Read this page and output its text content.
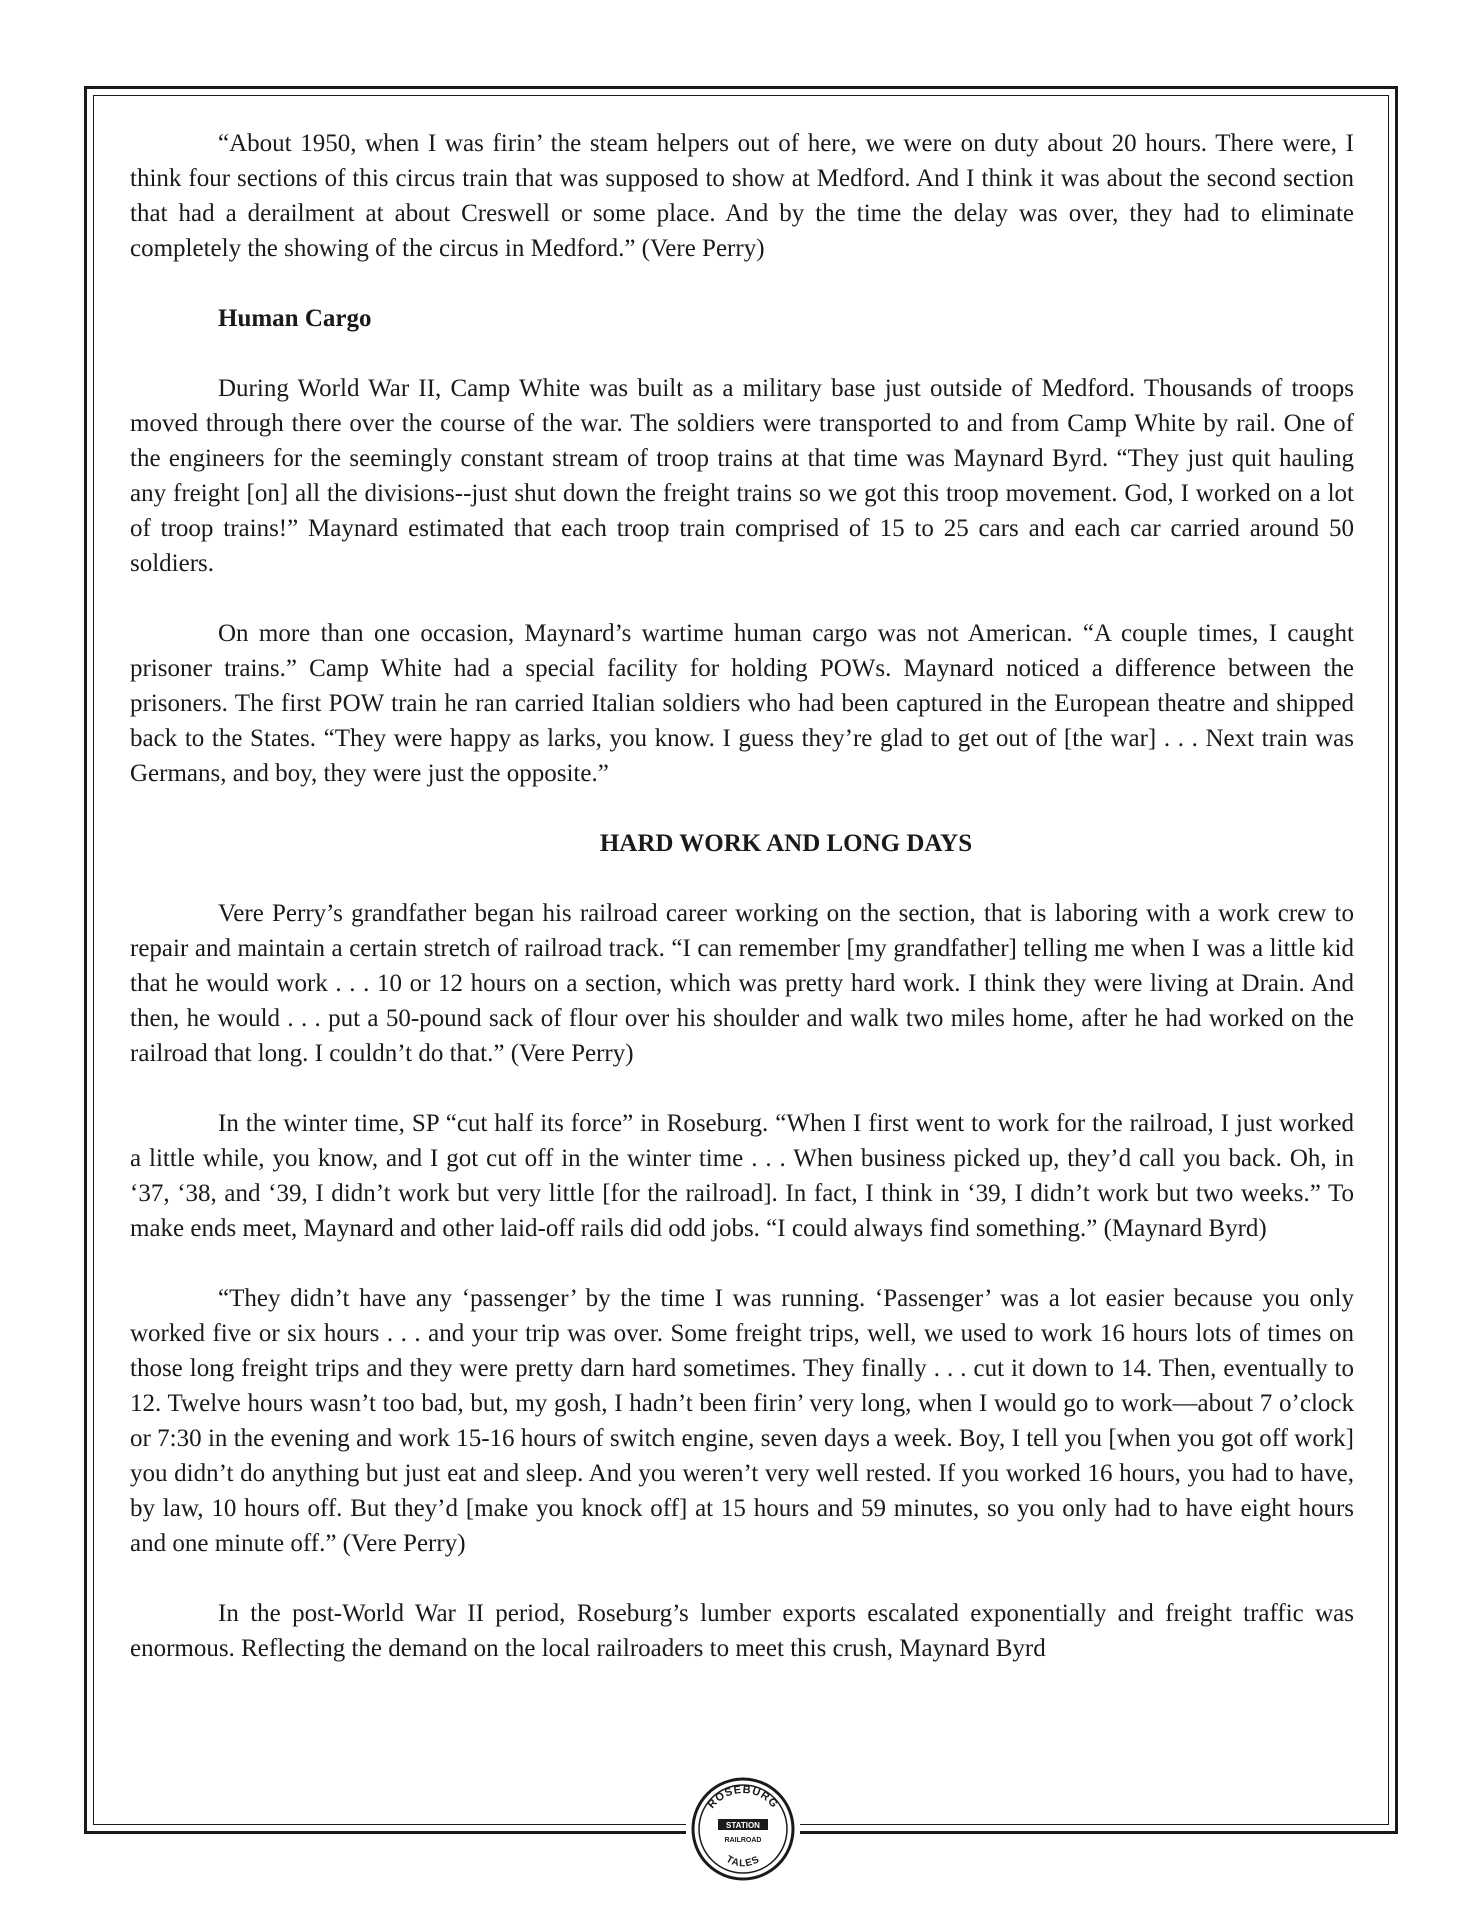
“About 1950, when I was firin’ the steam helpers out of here, we were on duty about 20 hours. There were, I think four sections of this circus train that was supposed to show at Medford. And I think it was about the second section that had a derailment at about Creswell or some place. And by the time the delay was over, they had to eliminate completely the showing of the circus in Medford.” (Vere Perry)

Human Cargo

During World War II, Camp White was built as a military base just outside of Medford. Thousands of troops moved through there over the course of the war. The soldiers were transported to and from Camp White by rail. One of the engineers for the seemingly constant stream of troop trains at that time was Maynard Byrd. “They just quit hauling any freight [on] all the divisions--just shut down the freight trains so we got this troop movement. God, I worked on a lot of troop trains!” Maynard estimated that each troop train comprised of 15 to 25 cars and each car carried around 50 soldiers.

On more than one occasion, Maynard’s wartime human cargo was not American. “A couple times, I caught prisoner trains.” Camp White had a special facility for holding POWs. Maynard noticed a difference between the prisoners. The first POW train he ran carried Italian soldiers who had been captured in the European theatre and shipped back to the States. “They were happy as larks, you know. I guess they’re glad to get out of [the war] . . . Next train was Germans, and boy, they were just the opposite.”

HARD WORK AND LONG DAYS

Vere Perry’s grandfather began his railroad career working on the section, that is laboring with a work crew to repair and maintain a certain stretch of railroad track. “I can remember [my grandfather] telling me when I was a little kid that he would work . . . 10 or 12 hours on a section, which was pretty hard work. I think they were living at Drain. And then, he would . . . put a 50-pound sack of flour over his shoulder and walk two miles home, after he had worked on the railroad that long. I couldn’t do that.” (Vere Perry)

In the winter time, SP “cut half its force” in Roseburg. “When I first went to work for the railroad, I just worked a little while, you know, and I got cut off in the winter time . . . When business picked up, they’d call you back. Oh, in ‘37, ‘38, and ‘39, I didn’t work but very little [for the railroad]. In fact, I think in ‘39, I didn’t work but two weeks.” To make ends meet, Maynard and other laid-off rails did odd jobs. “I could always find something.” (Maynard Byrd)

“They didn’t have any ‘passenger’ by the time I was running. ‘Passenger’ was a lot easier because you only worked five or six hours . . . and your trip was over. Some freight trips, well, we used to work 16 hours lots of times on those long freight trips and they were pretty darn hard sometimes. They finally . . . cut it down to 14. Then, eventually to 12. Twelve hours wasn’t too bad, but, my gosh, I hadn’t been firin’ very long, when I would go to work—about 7 o’clock or 7:30 in the evening and work 15-16 hours of switch engine, seven days a week. Boy, I tell you [when you got off work] you didn’t do anything but just eat and sleep. And you weren’t very well rested. If you worked 16 hours, you had to have, by law, 10 hours off. But they’d [make you knock off] at 15 hours and 59 minutes, so you only had to have eight hours and one minute off.” (Vere Perry)

In the post-World War II period, Roseburg’s lumber exports escalated exponentially and freight traffic was enormous. Reflecting the demand on the local railroaders to meet this crush, Maynard Byrd

ROSEBURG
STATION
RAILROAD
TALES
